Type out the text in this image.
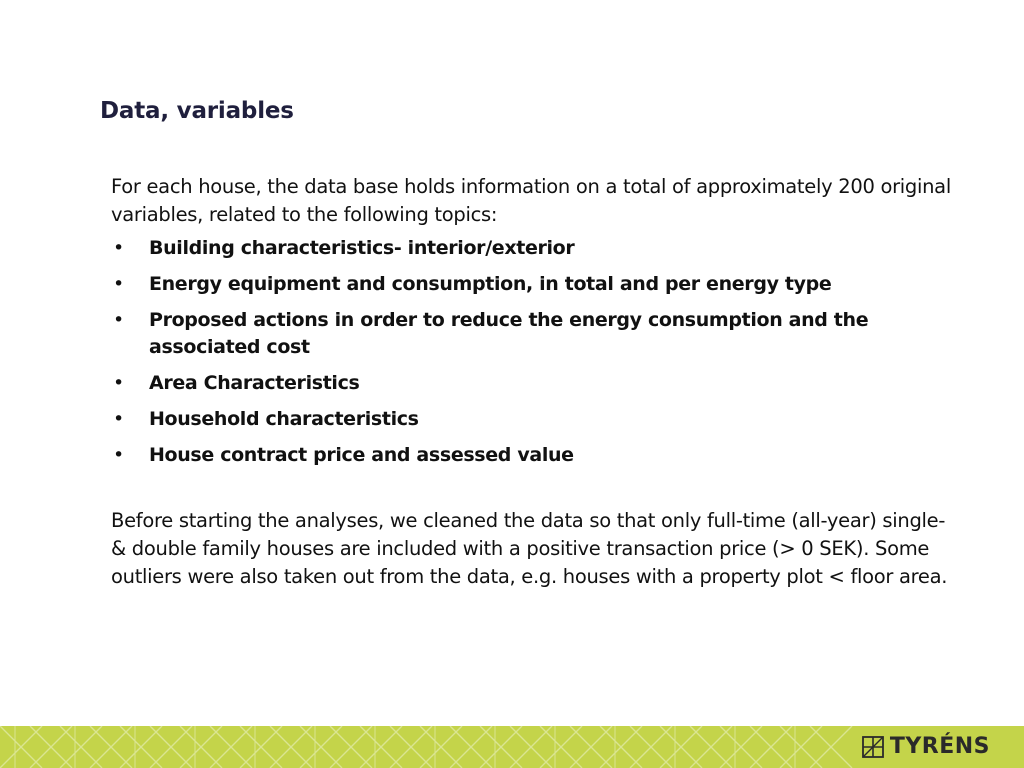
Data, variables

For each house, the data base holds information on a total of approximately 200 original variables, related to the following topics:

• Building characteristics- interior/exterior
• Energy equipment and consumption, in total and per energy type
• Proposed actions in order to reduce the energy consumption and the associated cost
• Area Characteristics
• Household characteristics
• House contract price and assessed value

Before starting the analyses, we cleaned the data so that only full-time (all-year) single- & double family houses are included with a positive transaction price (> 0 SEK). Some outliers were also taken out from the data, e.g. houses with a property plot < floor area.

TYRÉNS
